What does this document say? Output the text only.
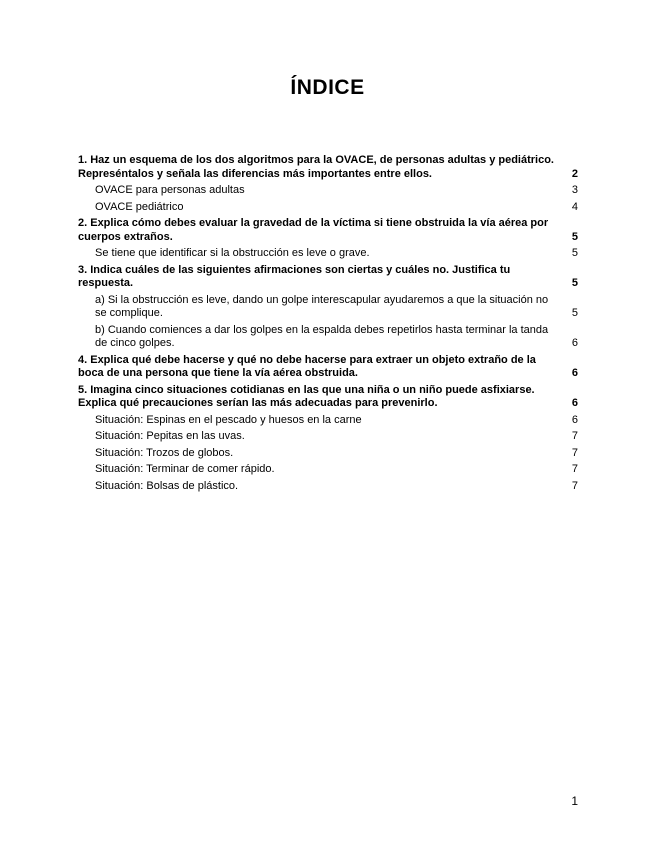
ÍNDICE
1. Haz un esquema de los dos algoritmos para la OVACE, de personas adultas y pediátrico. Represéntalos y señala las diferencias más importantes entre ellos.	2
OVACE para personas adultas	3
OVACE pediátrico	4
2. Explica cómo debes evaluar la gravedad de la víctima si tiene obstruida la vía aérea por cuerpos extraños.	5
Se tiene que identificar si la obstrucción es leve o grave.	5
3. Indica cuáles de las siguientes afirmaciones son ciertas y cuáles no. Justifica tu respuesta.	5
a) Si la obstrucción es leve, dando un golpe interescapular ayudaremos a que la situación no se complique.	5
b) Cuando comiences a dar los golpes en la espalda debes repetirlos hasta terminar la tanda de cinco golpes.	6
4. Explica qué debe hacerse y qué no debe hacerse para extraer un objeto extraño de la boca de una persona que tiene la vía aérea obstruida.	6
5. Imagina cinco situaciones cotidianas en las que una niña o un niño puede asfixiarse. Explica qué precauciones serían las más adecuadas para prevenirlo.	6
Situación: Espinas en el pescado y huesos en la carne	6
Situación: Pepitas en las uvas.	7
Situación: Trozos de globos.	7
Situación: Terminar de comer rápido.	7
Situación: Bolsas de plástico.	7
1
